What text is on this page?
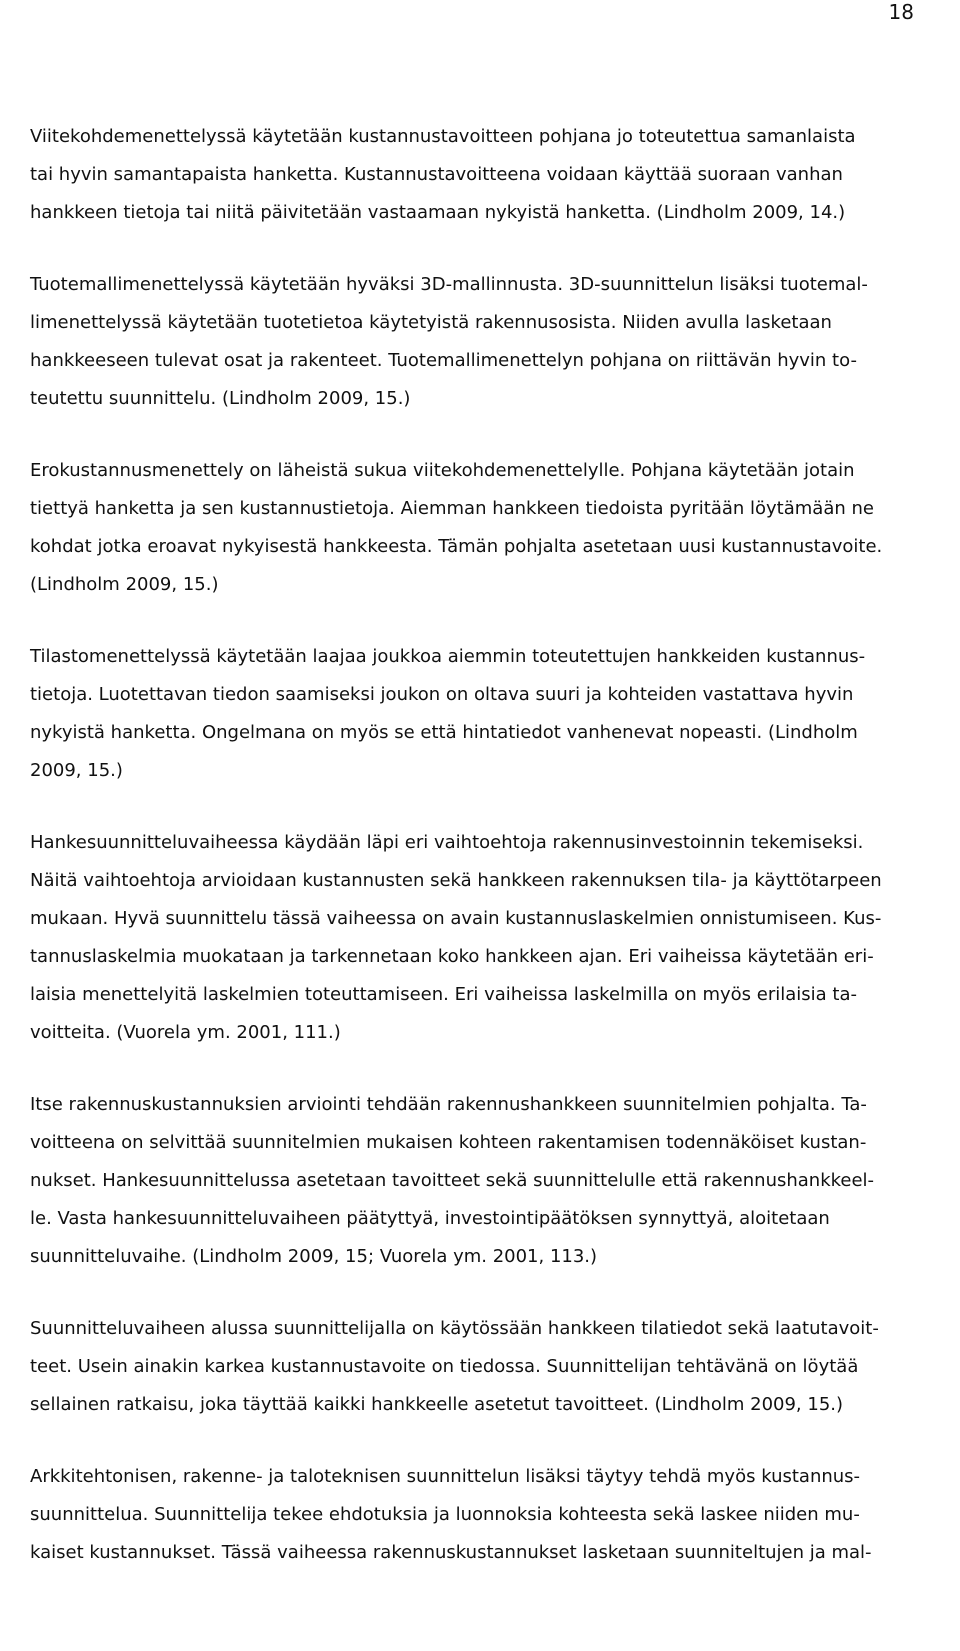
18
Viitekohdemenettelyssä käytetään kustannustavoitteen pohjana jo toteutettua samanlaista
tai hyvin samantapaista hanketta. Kustannustavoitteena voidaan käyttää suoraan vanhan
hankkeen tietoja tai niitä päivitetään vastaamaan nykyistä hanketta. (Lindholm 2009, 14.)
Tuotemallimenettelyssä käytetään hyväksi 3D-mallinnusta. 3D-suunnittelun lisäksi tuotemal-
limenettelyssä käytetään tuotetietoa käytetyistä rakennusosista. Niiden avulla lasketaan
hankkeeseen tulevat osat ja rakenteet. Tuotemallimenettelyn pohjana on riittävän hyvin to-
teutettu suunnittelu. (Lindholm 2009, 15.)
Erokustannusmenettely on läheistä sukua viitekohdemenettelylle. Pohjana käytetään jotain
tiettyä hanketta ja sen kustannustietoja. Aiemman hankkeen tiedoista pyritään löytämään ne
kohdat jotka eroavat nykyisestä hankkeesta. Tämän pohjalta asetetaan uusi kustannustavoite.
(Lindholm 2009, 15.)
Tilastomenettelyssä käytetään laajaa joukkoa aiemmin toteutettujen hankkeiden kustannus-
tietoja. Luotettavan tiedon saamiseksi joukon on oltava suuri ja kohteiden vastattava hyvin
nykyistä hanketta. Ongelmana on myös se että hintatiedot vanhenevat nopeasti. (Lindholm
2009, 15.)
Hankesuunnitteluvaiheessa käydään läpi eri vaihtoehtoja rakennusinvestoinnin tekemiseksi.
Näitä vaihtoehtoja arvioidaan kustannusten sekä hankkeen rakennuksen tila- ja käyttötarpeen
mukaan. Hyvä suunnittelu tässä vaiheessa on avain kustannuslaskelmien onnistumiseen. Kus-
tannuslaskelmia muokataan ja tarkennetaan koko hankkeen ajan. Eri vaiheissa käytetään eri-
laisia menettelyitä laskelmien toteuttamiseen. Eri vaiheissa laskelmilla on myös erilaisia ta-
voitteita. (Vuorela ym. 2001, 111.)
Itse rakennuskustannuksien arviointi tehdään rakennushankkeen suunnitelmien pohjalta. Ta-
voitteena on selvittää suunnitelmien mukaisen kohteen rakentamisen todennäköiset kustan-
nukset. Hankesuunnittelussa asetetaan tavoitteet sekä suunnittelulle että rakennushankkeel-
le. Vasta hankesuunnitteluvaiheen päätyttyä, investointipäätöksen synnyttyä, aloitetaan
suunnitteluvaihe. (Lindholm 2009, 15; Vuorela ym. 2001, 113.)
Suunnitteluvaiheen alussa suunnittelijalla on käytössään hankkeen tilatiedot sekä laatutavoit-
teet. Usein ainakin karkea kustannustavoite on tiedossa. Suunnittelijan tehtävänä on löytää
sellainen ratkaisu, joka täyttää kaikki hankkeelle asetetut tavoitteet. (Lindholm 2009, 15.)
Arkkitehtonisen, rakenne- ja taloteknisen suunnittelun lisäksi täytyy tehdä myös kustannus-
suunnittelua. Suunnittelija tekee ehdotuksia ja luonnoksia kohteesta sekä laskee niiden mu-
kaiset kustannukset. Tässä vaiheessa rakennuskustannukset lasketaan suunniteltujen ja mal-
